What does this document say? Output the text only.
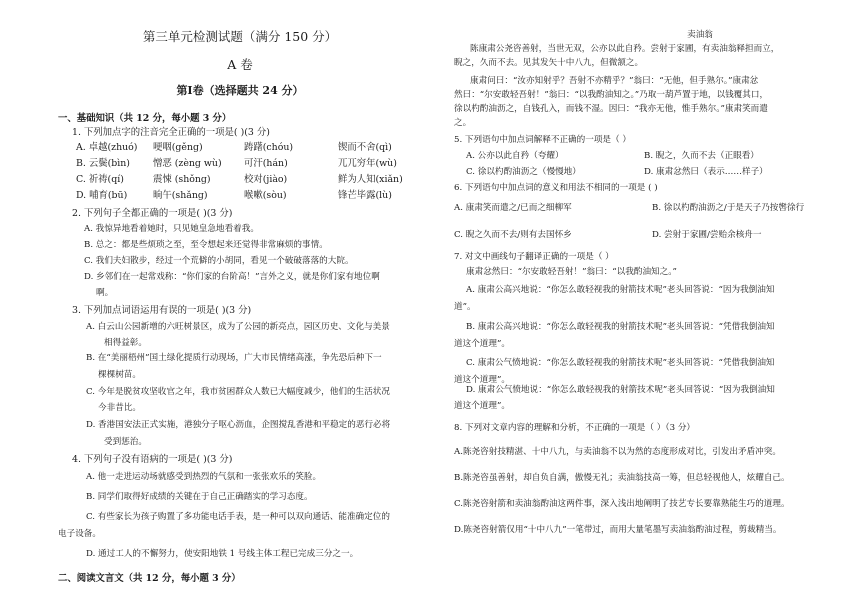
第三单元检测试题（满分 150 分）
A 卷
第Ⅰ卷（选择题共 24 分）
一、基础知识（共 12 分，每小题 3 分）
1. 下列加点字的注音完全正确的一项是( )(3 分)
A. 卓越(zhuó) 哽咽(gěng)	踌躇(chóu)	锲而不舍(qì)
B. 云鬓(bìn) 憎恶 (zèng wù) 可汗(hán)	兀兀穷年(wù)
C. 祈祷(qí)	震悚 (shǒng)	校对(jiào)	鲜为人知(xiǎn)
D. 哺育(bū)	晌午(shǎng)	喉嗽(sòu)	锋芒毕露(lù)
2. 下列句子全都正确的一项是( )(3 分)
A. 我惊异地看着她时，只见她皇急地看着我。
B. 总之：都是些烦琐之至，至令想起来还觉得非常麻烦的事情。
C. 我们夫妇散步，经过一个荒僻的小胡同，看见一个破破落落的大院。
D. 乡邻们在一起常戏称：“你们家的台阶高！”言外之义，就是你们家有地位啊
啊。
3. 下列加点词语运用有误的一项是( )(3 分)
A. 白云山公园新增的六旺树景区，成为了公园的新亮点，园区历史、文化与美景
相得益彰。
B. 在“美丽梧州”国土绿化提质行动现场，广大市民情绪高涨，争先恐后种下一
棵棵树苗。
C. 今年是脱贫攻坚收官之年，我市贫困群众人数已大幅度减少，他们的生活状况
今非昔比。
D. 香港国安法正式实施，港独分子呕心沥血，企图搅乱香港和平稳定的恶行必将
受到惩治。
4. 下列句子没有语病的一项是( )(3 分)
A. 他一走进运动场就感受到热烈的气氛和一张张欢乐的笑脸。
B. 同学们取得好成绩的关键在于自己正确踏实的学习态度。
C. 有些家长为孩子购置了多功能电话手表，是一种可以双向通话、能准确定位的
电子设备。
D. 通过工人的不懈努力，使安阳地铁 1 号线主体工程已完成三分之一。
二、阅读文言文（共 12 分，每小题 3 分）
卖油翁
陈康肃公尧咨善射，当世无双，公亦以此自矜。尝射于家圃，有卖油翁释担而立，
睨之，久而不去。见其发矢十中八九，但微颔之。
康肃问曰：“汝亦知射乎？吾射不亦精乎？”翁曰：“无他，但手熟尔。”康肃忿
然曰：“尔安敢轻吾射！”翁曰：“以我酌油知之。”乃取一葫芦置于地，以钱覆其口，
徐以杓酌油沥之，自钱孔入，而钱不湿。因曰：“我亦无他，惟手熟尔。”康肃笑而遣
之。
5. 下列语句中加点词解释不正确的一项是（ ）
A. 公亦以此自矜（夸耀）	B. 睨之，久而不去（正眼看）
C. 徐以杓酌油沥之（慢慢地）	D. 康肃忿然曰（表示……样子）
6. 下列语句中加点词的意义和用法不相同的一项是 ( )
A. 康肃笑而遣之/已而之细柳军	B. 徐以杓酌油沥之/于是天子乃按辔徐行
C. 睨之久而不去/则有去国怀乡	D. 尝射于家圃/尝贻余核舟一
7. 对文中画线句子翻译正确的一项是（ ）
康肃忿然曰：“尔安敢轻吾射！”翁曰：“以我酌油知之。”
A. 康肃公高兴地说：“你怎么敢轻视我的射箭技术呢”老头回答说：“因为我倒油知
道”。
B. 康肃公高兴地说：“你怎么敢轻视我的射箭技术呢”老头回答说：“凭借我倒油知
道这个道理”。
C. 康肃公气愤地说：“你怎么敢轻视我的射箭技术呢”老头回答说：“凭借我倒油知
道这个道理”。
D. 康肃公气愤地说：“你怎么敢轻视我的射箭技术呢”老头回答说：“因为我倒油知
道这个道理”。
8. 下列对文章内容的理解和分析，不正确的一项是（ ）（3 分）
A.陈尧咨射技精湛、十中八九，与卖油翁不以为然的态度形成对比，引发出矛盾冲突。
B.陈尧咨虽善射，却自负自满，傲慢无礼；卖油翁技高一筹，但总轻视他人，炫耀自己。
C.陈尧咨射箭和卖油翁酌油这两件事，深入浅出地阐明了技艺专长要靠熟能生巧的道理。
D.陈尧咨射箭仅用“十中八九”一笔带过，而用大量笔墨写卖油翁酌油过程，剪裁精当。
